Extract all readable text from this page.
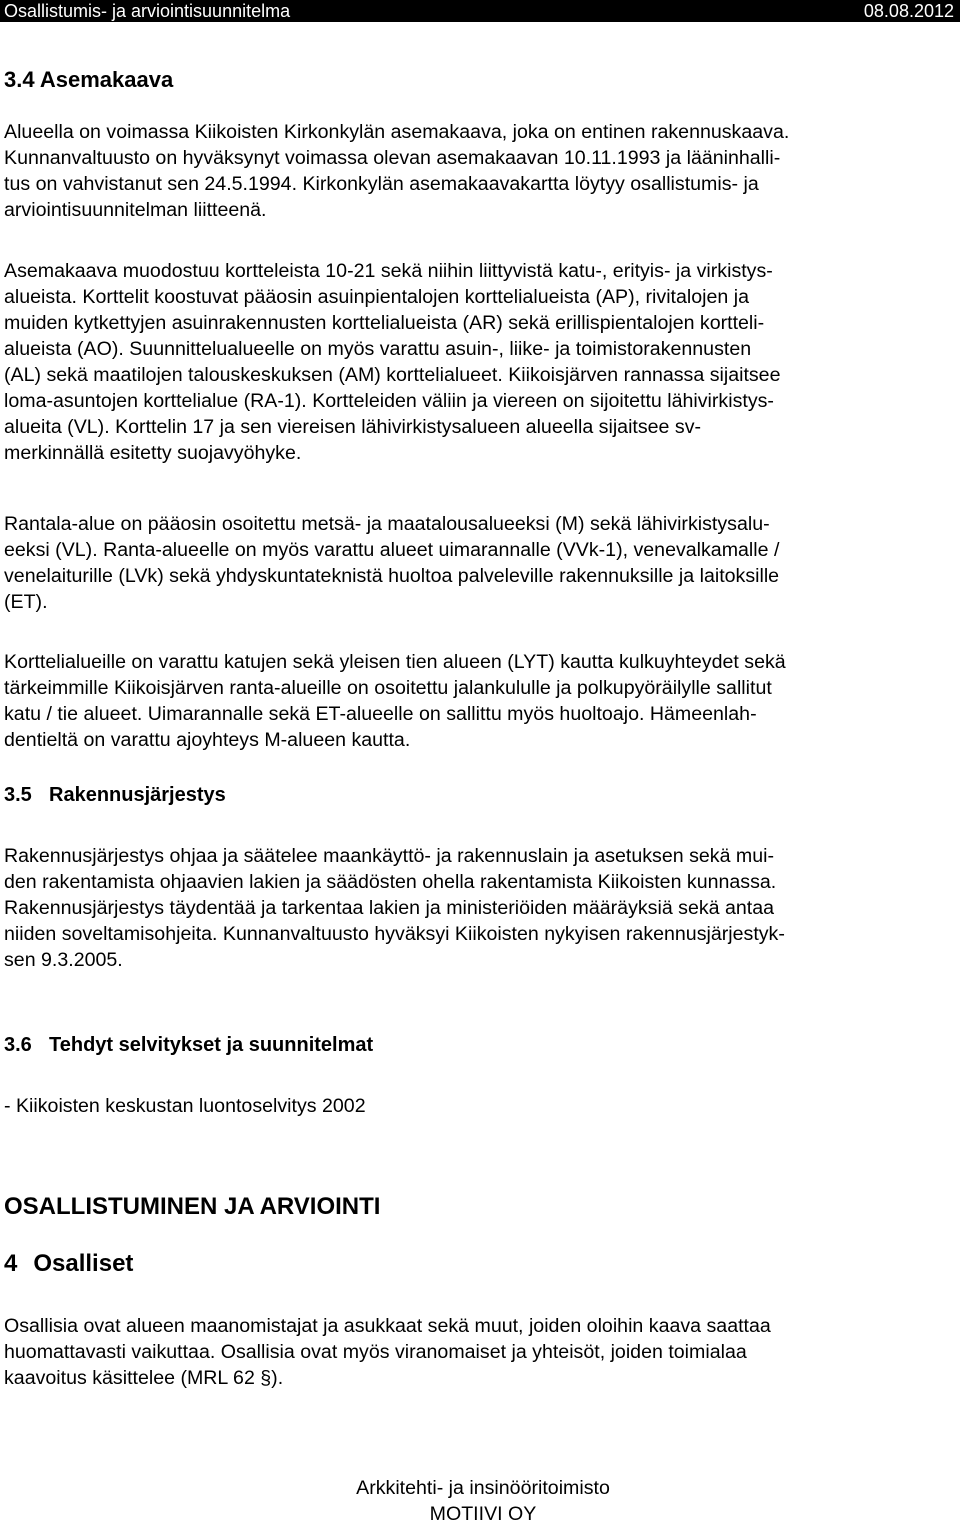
Osallistumis- ja arviointisuunnitelma	08.08.2012
3.4 Asemakaava
Alueella on voimassa Kiikoisten Kirkonkylän asemakaava, joka on entinen rakennuskaava.
Kunnanvaltuusto on hyväksynyt voimassa olevan asemakaavan 10.11.1993 ja lääninhalli-
tus on vahvistanut sen 24.5.1994. Kirkonkylän asemakaavakartta löytyy osallistumis- ja
arviointisuunnitelman liitteenä.
Asemakaava muodostuu kortteleista 10-21 sekä niihin liittyvistä katu-, erityis- ja virkistys-
alueista. Korttelit koostuvat pääosin asuinpientalojen korttelialueista (AP), rivitalojen ja
muiden kytkettyjen asuinrakennusten korttelialueista (AR) sekä erillispientalojen kortteli-
alueista (AO). Suunnittelualueelle on myös varattu asuin-, liike- ja toimistorakennusten
(AL) sekä maatilojen talouskeskuksen (AM) korttelialueet. Kiikoisjärven rannassa sijaitsee
loma-asuntojen korttelialue (RA-1). Kortteleiden väliin ja viereen on sijoitettu lähivirkistys-
alueita (VL). Korttelin 17 ja sen viereisen lähivirkistysalueen alueella sijaitsee sv-
merkinnällä esitetty suojavyöhyke.
Rantala-alue on pääosin osoitettu metsä- ja maatalousalueeksi (M) sekä lähivirkistysalu-
eeksi (VL). Ranta-alueelle on myös varattu alueet uimarannalle (VVk-1), venevalkamalle /
venelaiturille (LVk) sekä yhdyskuntateknistä huoltoa palveleville rakennuksille ja laitoksille
(ET).
Korttelialueille on varattu katujen sekä yleisen tien alueen (LYT) kautta kulkuyhteydet sekä
tärkeimmille Kiikoisjärven ranta-alueille on osoitettu jalankululle ja polkupyöräilylle sallitut
katu / tie alueet. Uimarannalle sekä ET-alueelle on sallittu myös huoltoajo. Hämeenlah-
dentieltä on varattu ajoyhteys M-alueen kautta.
3.5 Rakennusjärjestys
Rakennusjärjestys ohjaa ja säätelee maankäyttö- ja rakennuslain ja asetuksen sekä mui-
den rakentamista ohjaavien lakien ja säädösten ohella rakentamista Kiikoisten kunnassa.
Rakennusjärjestys täydentää ja tarkentaa lakien ja ministeriöiden määräyksiä sekä antaa
niiden soveltamisohjeita. Kunnanvaltuusto hyväksyi Kiikoisten nykyisen rakennusjärjestyk-
sen 9.3.2005.
3.6 Tehdyt selvitykset ja suunnitelmat
- Kiikoisten keskustan luontoselvitys 2002
OSALLISTUMINEN JA ARVIOINTI
4 Osalliset
Osallisia ovat alueen maanomistajat ja asukkaat sekä muut, joiden oloihin kaava saattaa
huomattavasti vaikuttaa. Osallisia ovat myös viranomaiset ja yhteisöt, joiden toimialaa
kaavoitus käsittelee (MRL 62 §).
Arkkitehti- ja insinööritoimisto
MOTIIVI OY
